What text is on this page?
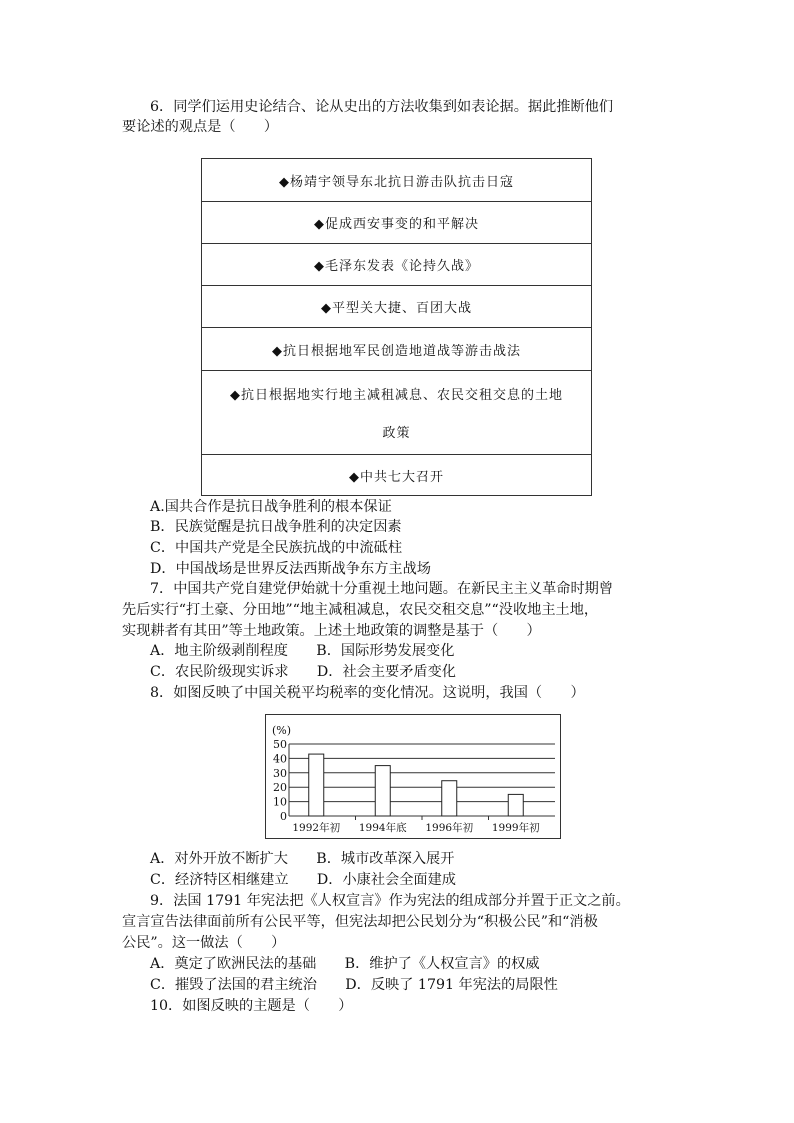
6．同学们运用史论结合、论从史出的方法收集到如表论据。据此推断他们
要论述的观点是（　　）
◆杨靖宇领导东北抗日游击队抗击日寇
◆促成西安事变的和平解决
◆毛泽东发表《论持久战》
◆平型关大捷、百团大战
◆抗日根据地军民创造地道战等游击战法
◆抗日根据地实行地主减租减息、农民交租交息的土地
政策
◆中共七大召开
A.国共合作是抗日战争胜利的根本保证
B．民族觉醒是抗日战争胜利的决定因素
C．中国共产党是全民族抗战的中流砥柱
D．中国战场是世界反法西斯战争东方主战场
7．中国共产党自建党伊始就十分重视土地问题。在新民主主义革命时期曾
先后实行“打土豪、分田地”“地主减租减息，农民交租交息”“没收地主土地，
实现耕者有其田”等土地政策。上述土地政策的调整是基于（　　）
A．地主阶级剥削程度　　B．国际形势发展变化
C．农民阶级现实诉求　　D．社会主要矛盾变化
8．如图反映了中国关税平均税率的变化情况。这说明，我国（　　）
(%)
0
10
20
30
40
50
1992年初 1994年底 1996年初 1999年初
A．对外开放不断扩大　　B．城市改革深入展开
C．经济特区相继建立　　D．小康社会全面建成
9．法国 1791 年宪法把《人权宣言》作为宪法的组成部分并置于正文之前。
宣言宣告法律面前所有公民平等，但宪法却把公民划分为“积极公民”和“消极
公民”。这一做法（　　）
A．奠定了欧洲民法的基础　　B．维护了《人权宣言》的权威
C．摧毁了法国的君主统治　　D．反映了 1791 年宪法的局限性
10．如图反映的主题是（　　）
